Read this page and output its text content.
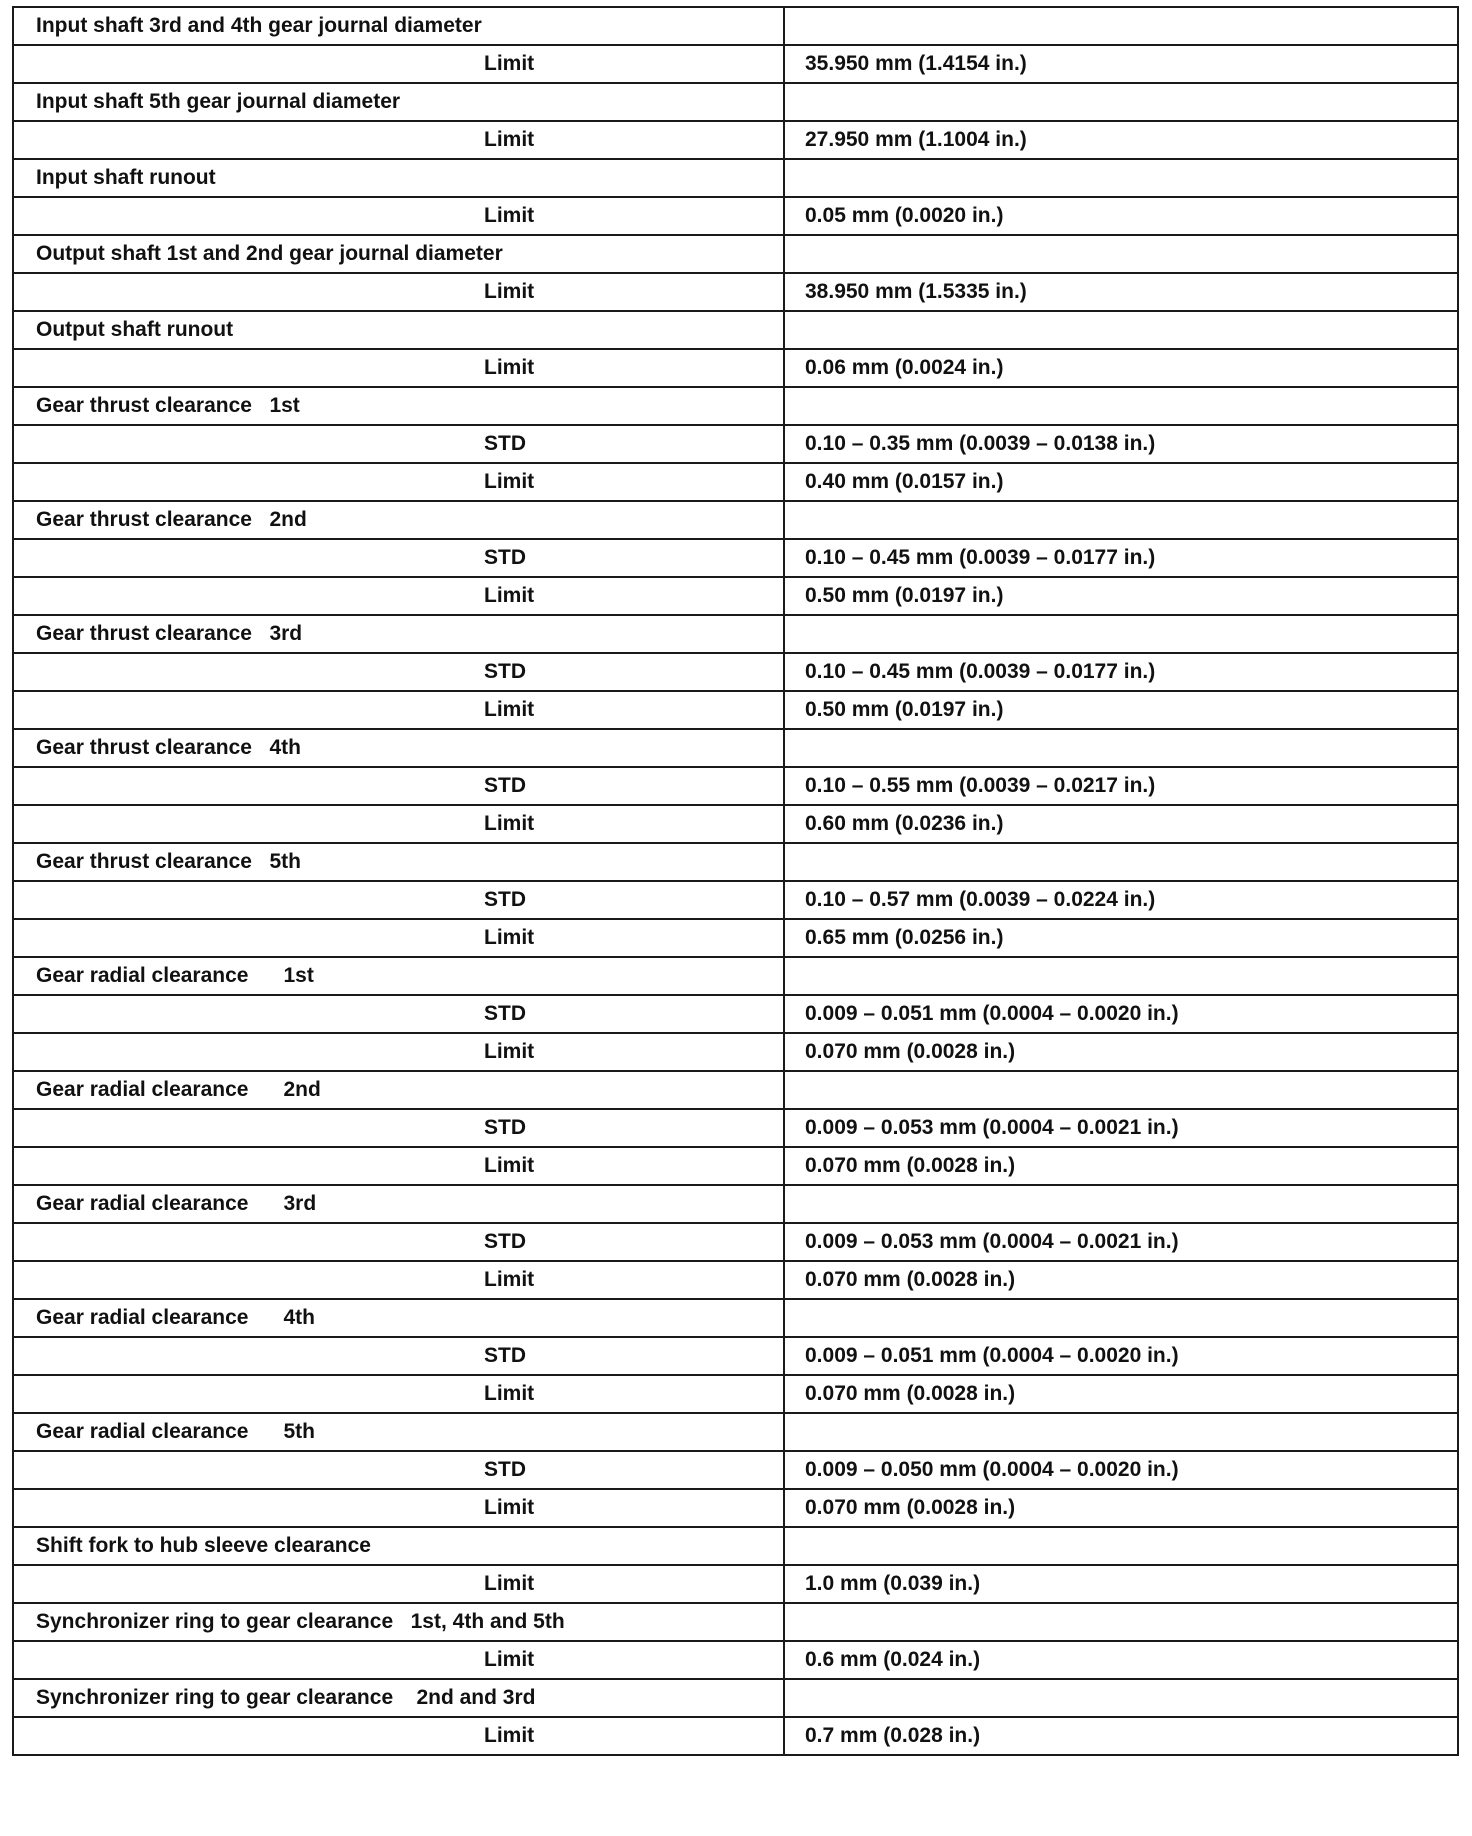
Input shaft 3rd and 4th gear journal diameter	
Limit	35.950 mm (1.4154 in.)
Input shaft 5th gear journal diameter	
Limit	27.950 mm (1.1004 in.)
Input shaft runout	
Limit	0.05 mm (0.0020 in.)
Output shaft 1st and 2nd gear journal diameter	
Limit	38.950 mm (1.5335 in.)
Output shaft runout	
Limit	0.06 mm (0.0024 in.)
Gear thrust clearance   1st	
STD	0.10 – 0.35 mm (0.0039 – 0.0138 in.)
Limit	0.40 mm (0.0157 in.)
Gear thrust clearance   2nd	
STD	0.10 – 0.45 mm (0.0039 – 0.0177 in.)
Limit	0.50 mm (0.0197 in.)
Gear thrust clearance   3rd	
STD	0.10 – 0.45 mm (0.0039 – 0.0177 in.)
Limit	0.50 mm (0.0197 in.)
Gear thrust clearance   4th	
STD	0.10 – 0.55 mm (0.0039 – 0.0217 in.)
Limit	0.60 mm (0.0236 in.)
Gear thrust clearance   5th	
STD	0.10 – 0.57 mm (0.0039 – 0.0224 in.)
Limit	0.65 mm (0.0256 in.)
Gear radial clearance      1st	
STD	0.009 – 0.051 mm (0.0004 – 0.0020 in.)
Limit	0.070 mm (0.0028 in.)
Gear radial clearance      2nd	
STD	0.009 – 0.053 mm (0.0004 – 0.0021 in.)
Limit	0.070 mm (0.0028 in.)
Gear radial clearance      3rd	
STD	0.009 – 0.053 mm (0.0004 – 0.0021 in.)
Limit	0.070 mm (0.0028 in.)
Gear radial clearance      4th	
STD	0.009 – 0.051 mm (0.0004 – 0.0020 in.)
Limit	0.070 mm (0.0028 in.)
Gear radial clearance      5th	
STD	0.009 – 0.050 mm (0.0004 – 0.0020 in.)
Limit	0.070 mm (0.0028 in.)
Shift fork to hub sleeve clearance	
Limit	1.0 mm (0.039 in.)
Synchronizer ring to gear clearance   1st, 4th and 5th	
Limit	0.6 mm (0.024 in.)
Synchronizer ring to gear clearance    2nd and 3rd	
Limit	0.7 mm (0.028 in.)
